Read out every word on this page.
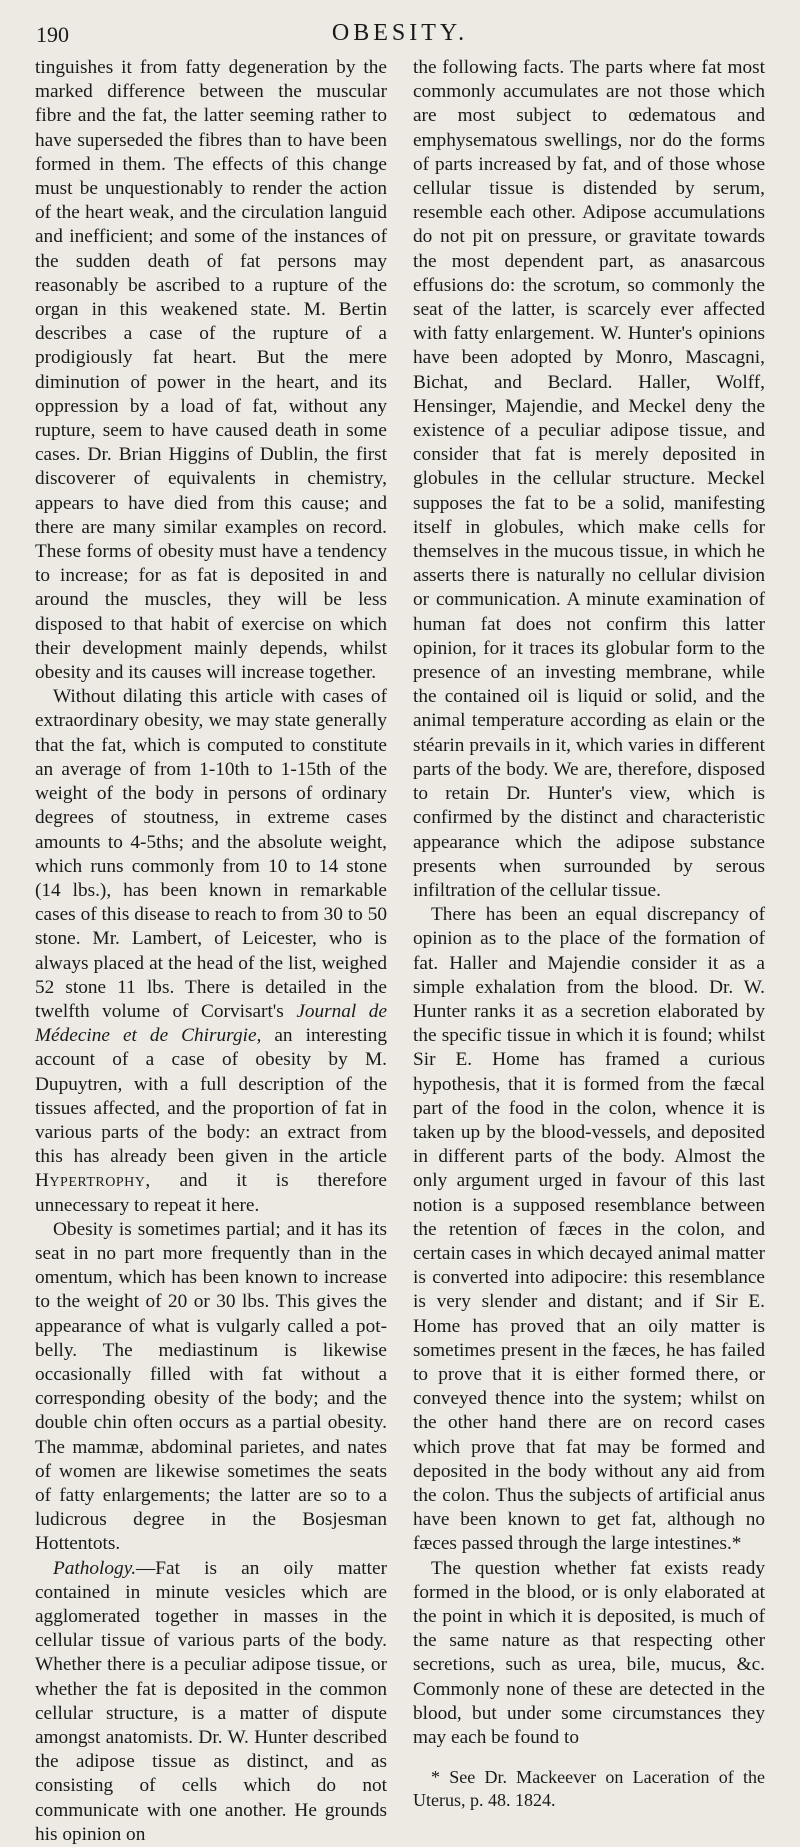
190	OBESITY.

tinguishes it from fatty degeneration by the marked difference between the muscular fibre and the fat, the latter seeming rather to have superseded the fibres than to have been formed in them. The effects of this change must be unquestionably to render the action of the heart weak, and the circulation languid and inefficient; and some of the instances of the sudden death of fat persons may reasonably be ascribed to a rupture of the organ in this weakened state. M. Bertin describes a case of the rupture of a prodigiously fat heart. But the mere diminution of power in the heart, and its oppression by a load of fat, without any rupture, seem to have caused death in some cases. Dr. Brian Higgins of Dublin, the first discoverer of equivalents in chemistry, appears to have died from this cause; and there are many similar examples on record. These forms of obesity must have a tendency to increase; for as fat is deposited in and around the muscles, they will be less disposed to that habit of exercise on which their development mainly depends, whilst obesity and its causes will increase together.

Without dilating this article with cases of extraordinary obesity, we may state generally that the fat, which is computed to constitute an average of from 1-10th to 1-15th of the weight of the body in persons of ordinary degrees of stoutness, in extreme cases amounts to 4-5ths; and the absolute weight, which runs commonly from 10 to 14 stone (14 lbs.), has been known in remarkable cases of this disease to reach to from 30 to 50 stone. Mr. Lambert, of Leicester, who is always placed at the head of the list, weighed 52 stone 11 lbs. There is detailed in the twelfth volume of Corvisart's Journal de Médecine et de Chirurgie, an interesting account of a case of obesity by M. Dupuytren, with a full description of the tissues affected, and the proportion of fat in various parts of the body: an extract from this has already been given in the article Hypertrophy, and it is therefore unnecessary to repeat it here.

Obesity is sometimes partial; and it has its seat in no part more frequently than in the omentum, which has been known to increase to the weight of 20 or 30 lbs. This gives the appearance of what is vulgarly called a pot-belly. The mediastinum is likewise occasionally filled with fat without a corresponding obesity of the body; and the double chin often occurs as a partial obesity. The mammæ, abdominal parietes, and nates of women are likewise sometimes the seats of fatty enlargements; the latter are so to a ludicrous degree in the Bosjesman Hottentots.

Pathology.—Fat is an oily matter contained in minute vesicles which are agglomerated together in masses in the cellular tissue of various parts of the body. Whether there is a peculiar adipose tissue, or whether the fat is deposited in the common cellular structure, is a matter of dispute amongst anatomists. Dr. W. Hunter described the adipose tissue as distinct, and as consisting of cells which do not communicate with one another. He grounds his opinion on

the following facts. The parts where fat most commonly accumulates are not those which are most subject to œdematous and emphysematous swellings, nor do the forms of parts increased by fat, and of those whose cellular tissue is distended by serum, resemble each other. Adipose accumulations do not pit on pressure, or gravitate towards the most dependent part, as anasarcous effusions do: the scrotum, so commonly the seat of the latter, is scarcely ever affected with fatty enlargement. W. Hunter's opinions have been adopted by Monro, Mascagni, Bichat, and Beclard. Haller, Wolff, Hensinger, Majendie, and Meckel deny the existence of a peculiar adipose tissue, and consider that fat is merely deposited in globules in the cellular structure. Meckel supposes the fat to be a solid, manifesting itself in globules, which make cells for themselves in the mucous tissue, in which he asserts there is naturally no cellular division or communication. A minute examination of human fat does not confirm this latter opinion, for it traces its globular form to the presence of an investing membrane, while the contained oil is liquid or solid, and the animal temperature according as elain or the stéarin prevails in it, which varies in different parts of the body. We are, therefore, disposed to retain Dr. Hunter's view, which is confirmed by the distinct and characteristic appearance which the adipose substance presents when surrounded by serous infiltration of the cellular tissue.

There has been an equal discrepancy of opinion as to the place of the formation of fat. Haller and Majendie consider it as a simple exhalation from the blood. Dr. W. Hunter ranks it as a secretion elaborated by the specific tissue in which it is found; whilst Sir E. Home has framed a curious hypothesis, that it is formed from the fæcal part of the food in the colon, whence it is taken up by the blood-vessels, and deposited in different parts of the body. Almost the only argument urged in favour of this last notion is a supposed resemblance between the retention of fæces in the colon, and certain cases in which decayed animal matter is converted into adipocire: this resemblance is very slender and distant; and if Sir E. Home has proved that an oily matter is sometimes present in the fæces, he has failed to prove that it is either formed there, or conveyed thence into the system; whilst on the other hand there are on record cases which prove that fat may be formed and deposited in the body without any aid from the colon. Thus the subjects of artificial anus have been known to get fat, although no fæces passed through the large intestines.*

The question whether fat exists ready formed in the blood, or is only elaborated at the point in which it is deposited, is much of the same nature as that respecting other secretions, such as urea, bile, mucus, &c. Commonly none of these are detected in the blood, but under some circumstances they may each be found to

* See Dr. Mackeever on Laceration of the Uterus, p. 48. 1824.
